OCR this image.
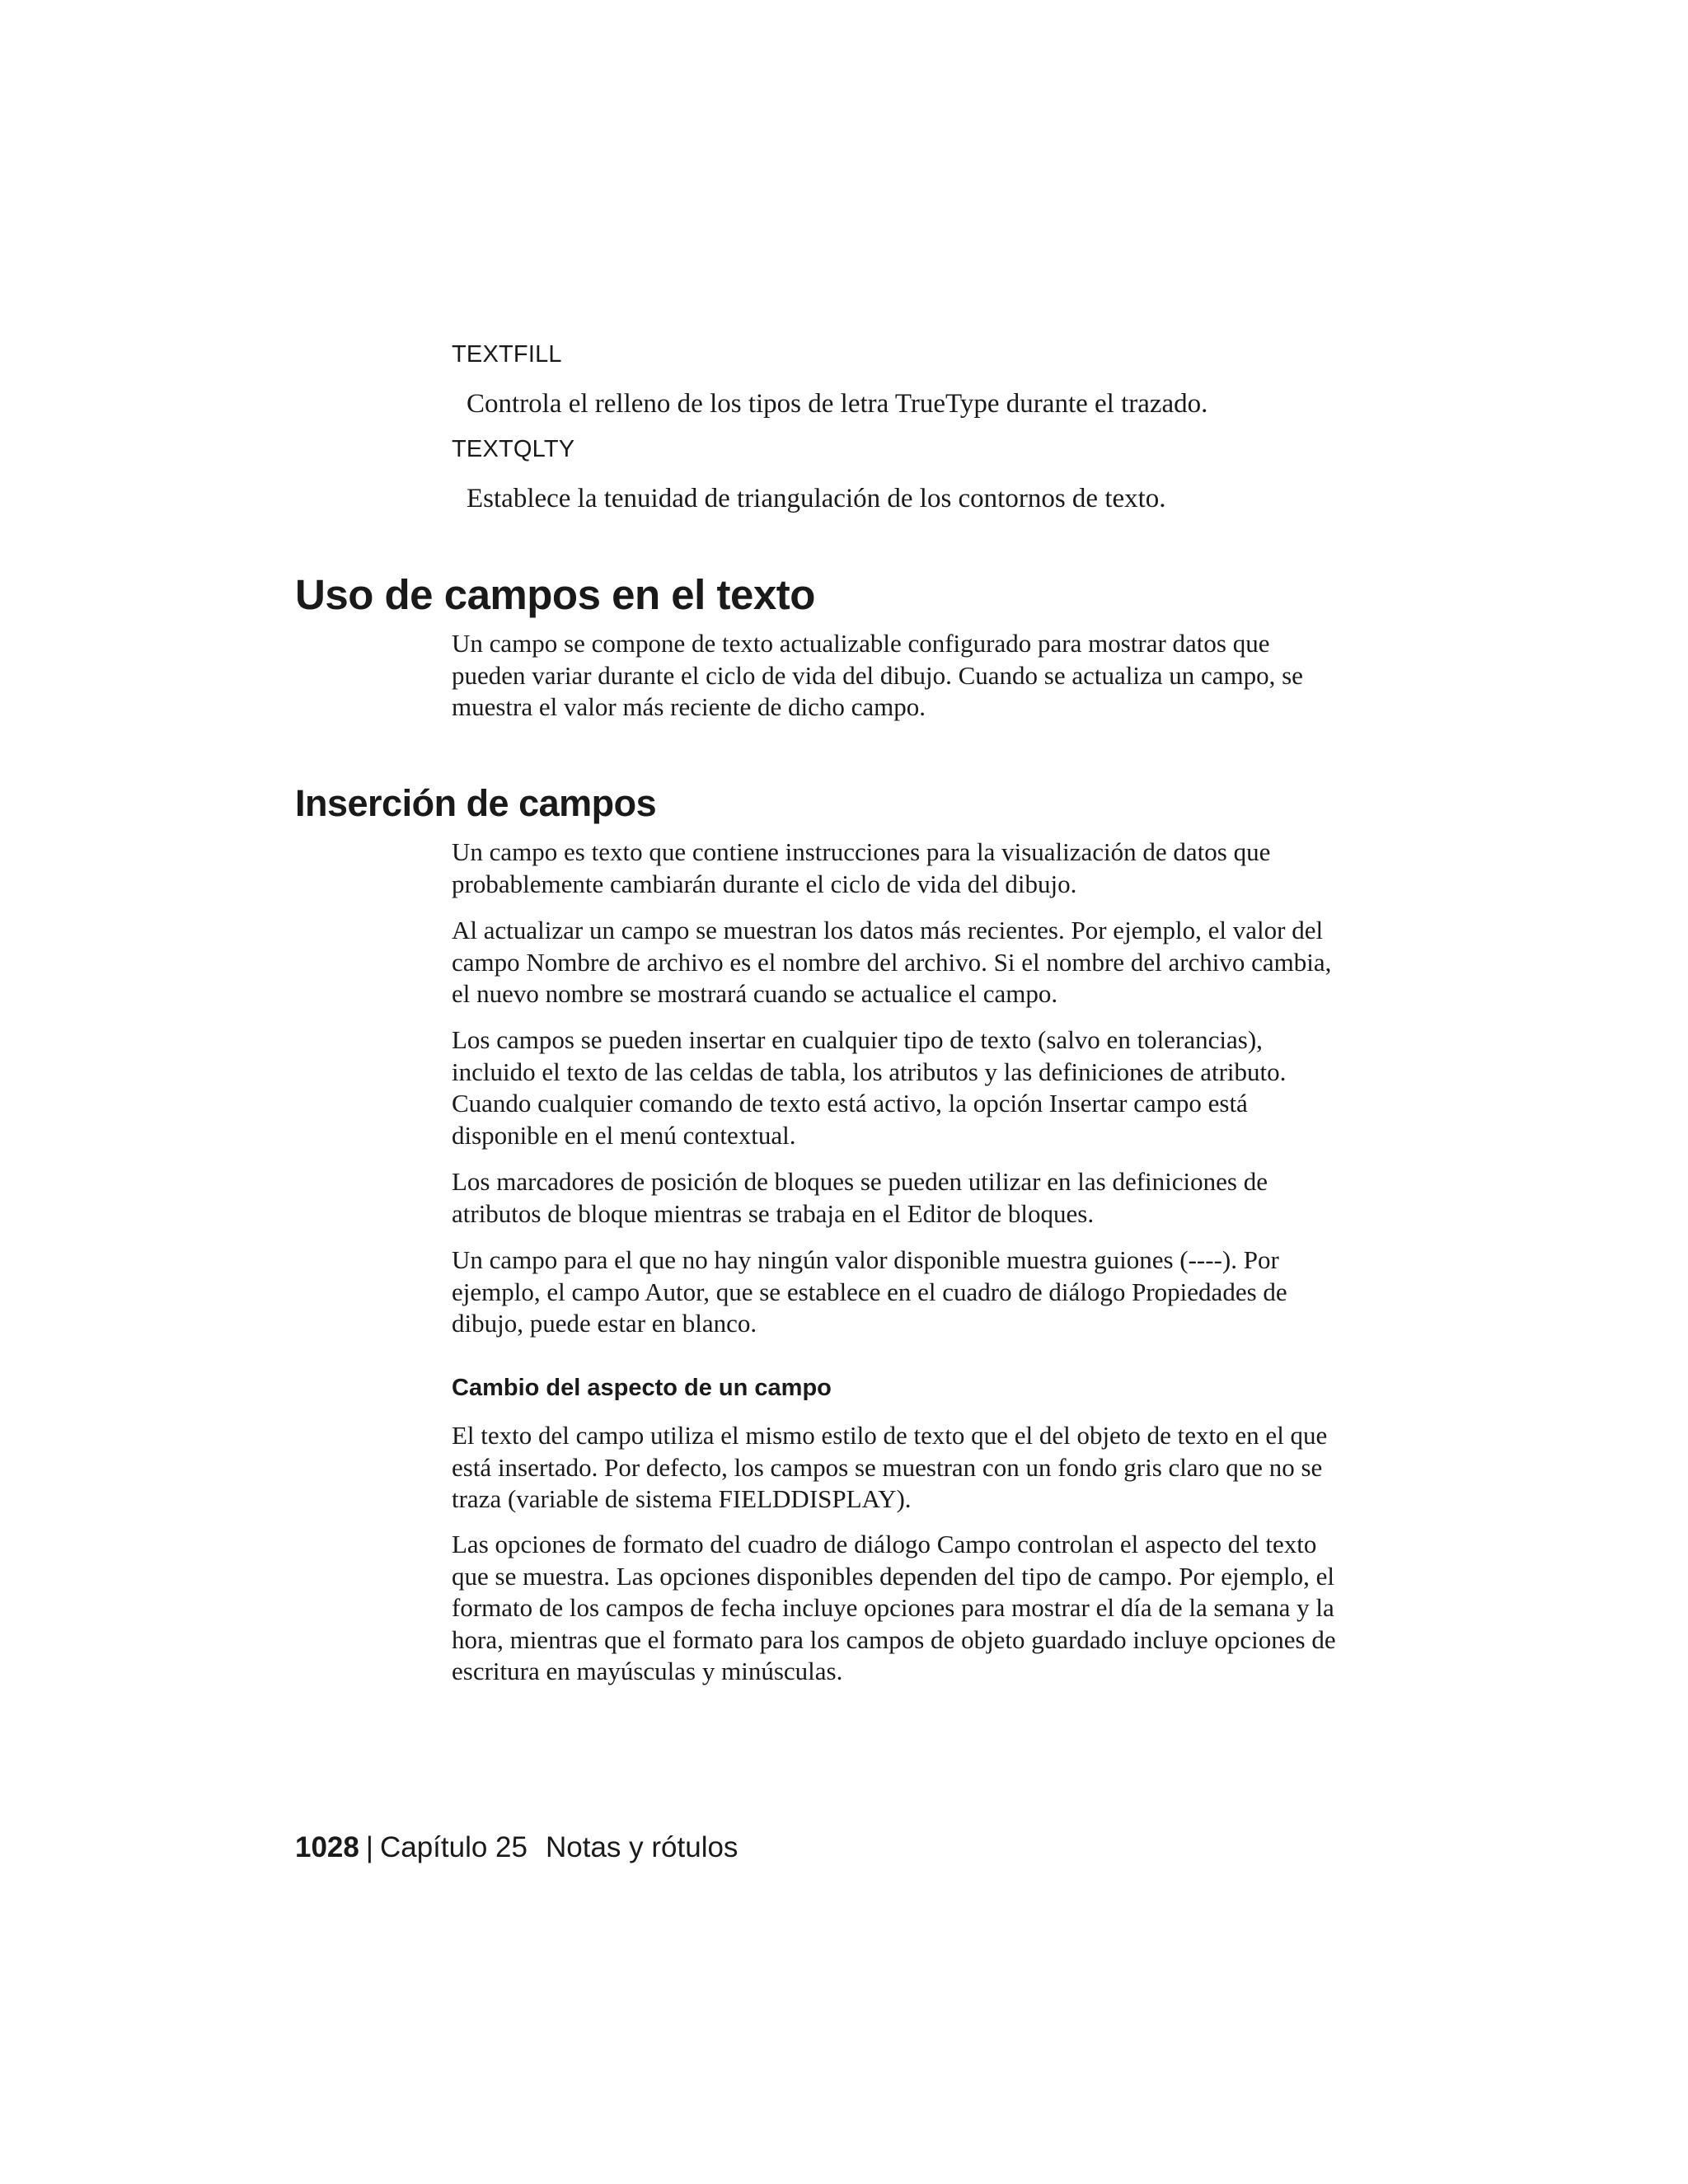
TEXTFILL
Controla el relleno de los tipos de letra TrueType durante el trazado.
TEXTQLTY
Establece la tenuidad de triangulación de los contornos de texto.
Uso de campos en el texto

Un campo se compone de texto actualizable configurado para mostrar datos que pueden variar durante el ciclo de vida del dibujo. Cuando se actualiza un campo, se muestra el valor más reciente de dicho campo.

Inserción de campos

Un campo es texto que contiene instrucciones para la visualización de datos que probablemente cambiarán durante el ciclo de vida del dibujo.

Al actualizar un campo se muestran los datos más recientes. Por ejemplo, el valor del campo Nombre de archivo es el nombre del archivo. Si el nombre del archivo cambia, el nuevo nombre se mostrará cuando se actualice el campo.

Los campos se pueden insertar en cualquier tipo de texto (salvo en tolerancias), incluido el texto de las celdas de tabla, los atributos y las definiciones de atributo. Cuando cualquier comando de texto está activo, la opción Insertar campo está disponible en el menú contextual.

Los marcadores de posición de bloques se pueden utilizar en las definiciones de atributos de bloque mientras se trabaja en el Editor de bloques.

Un campo para el que no hay ningún valor disponible muestra guiones (----). Por ejemplo, el campo Autor, que se establece en el cuadro de diálogo Propiedades de dibujo, puede estar en blanco.

Cambio del aspecto de un campo

El texto del campo utiliza el mismo estilo de texto que el del objeto de texto en el que está insertado. Por defecto, los campos se muestran con un fondo gris claro que no se traza (variable de sistema FIELDDISPLAY).

Las opciones de formato del cuadro de diálogo Campo controlan el aspecto del texto que se muestra. Las opciones disponibles dependen del tipo de campo. Por ejemplo, el formato de los campos de fecha incluye opciones para mostrar el día de la semana y la hora, mientras que el formato para los campos de objeto guardado incluye opciones de escritura en mayúsculas y minúsculas.

1028 | Capítulo 25 Notas y rótulos
